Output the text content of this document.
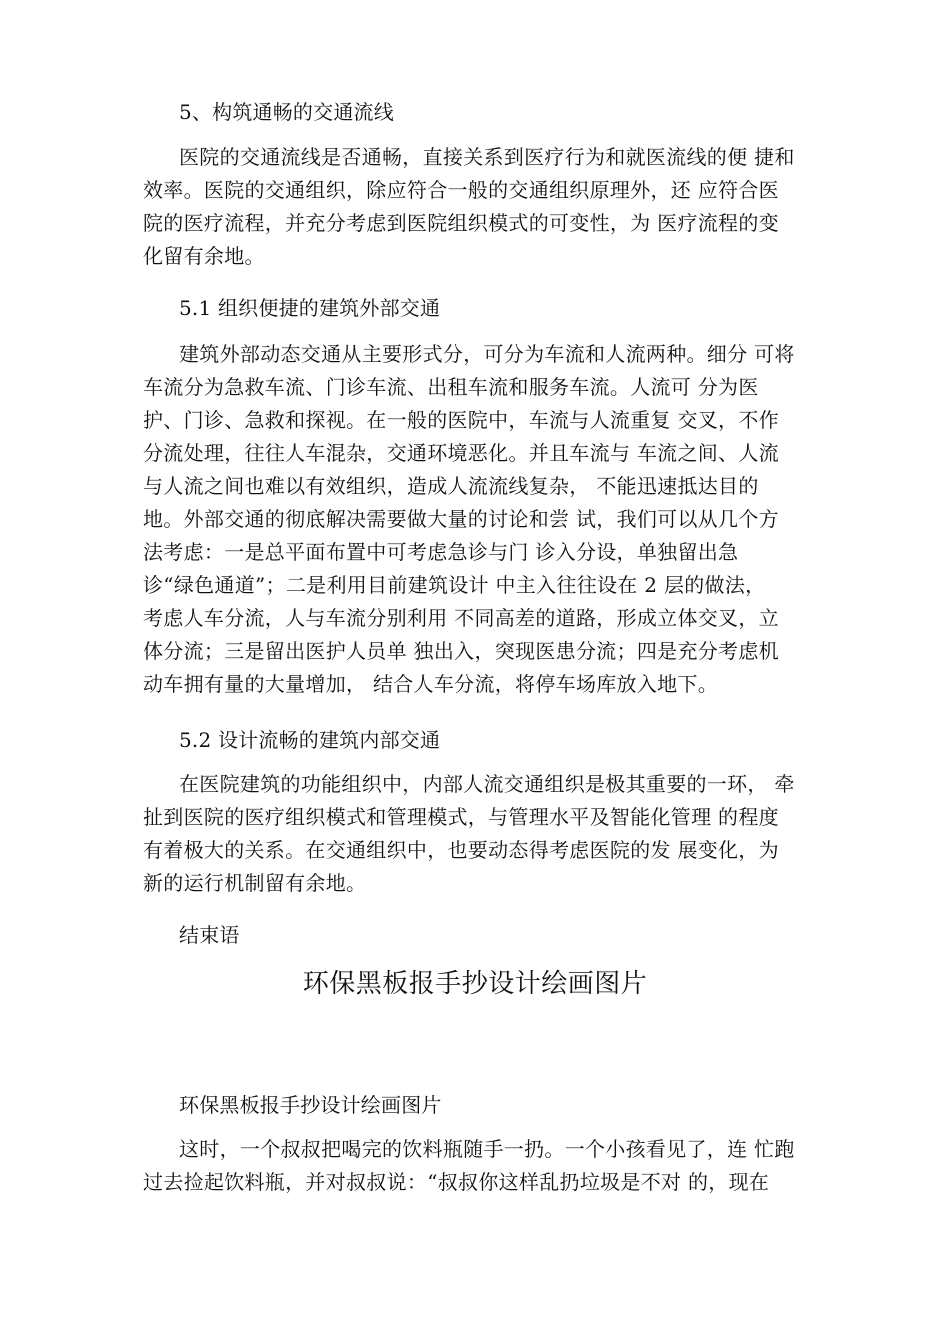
5、构筑通畅的交通流线
医院的交通流线是否通畅，直接关系到医疗行为和就医流线的便 捷和
效率。医院的交通组织，除应符合一般的交通组织原理外，还 应符合医
院的医疗流程，并充分考虑到医院组织模式的可变性，为 医疗流程的变
化留有余地。
5.1 组织便捷的建筑外部交通
建筑外部动态交通从主要形式分，可分为车流和人流两种。细分 可将
车流分为急救车流、门诊车流、出租车流和服务车流。人流可 分为医
护、门诊、急救和探视。在一般的医院中，车流与人流重复 交叉，不作
分流处理，往往人车混杂，交通环境恶化。并且车流与 车流之间、人流
与人流之间也难以有效组织，造成人流流线复杂， 不能迅速抵达目的
地。外部交通的彻底解决需要做大量的讨论和尝 试，我们可以从几个方
法考虑：一是总平面布置中可考虑急诊与门 诊入分设，单独留出急
诊“绿色通道”；二是利用目前建筑设计 中主入往往设在 2 层的做法，
考虑人车分流，人与车流分别利用 不同高差的道路，形成立体交叉，立
体分流；三是留出医护人员单 独出入，突现医患分流；四是充分考虑机
动车拥有量的大量增加， 结合人车分流，将停车场库放入地下。
5.2 设计流畅的建筑内部交通
在医院建筑的功能组织中，内部人流交通组织是极其重要的一环， 牵
扯到医院的医疗组织模式和管理模式，与管理水平及智能化管理 的程度
有着极大的关系。在交通组织中，也要动态得考虑医院的发 展变化，为
新的运行机制留有余地。
结束语
环保黑板报手抄设计绘画图片
环保黑板报手抄设计绘画图片
这时，一个叔叔把喝完的饮料瓶随手一扔。一个小孩看见了，连 忙跑
过去捡起饮料瓶，并对叔叔说：“叔叔你这样乱扔垃圾是不对 的，现在
